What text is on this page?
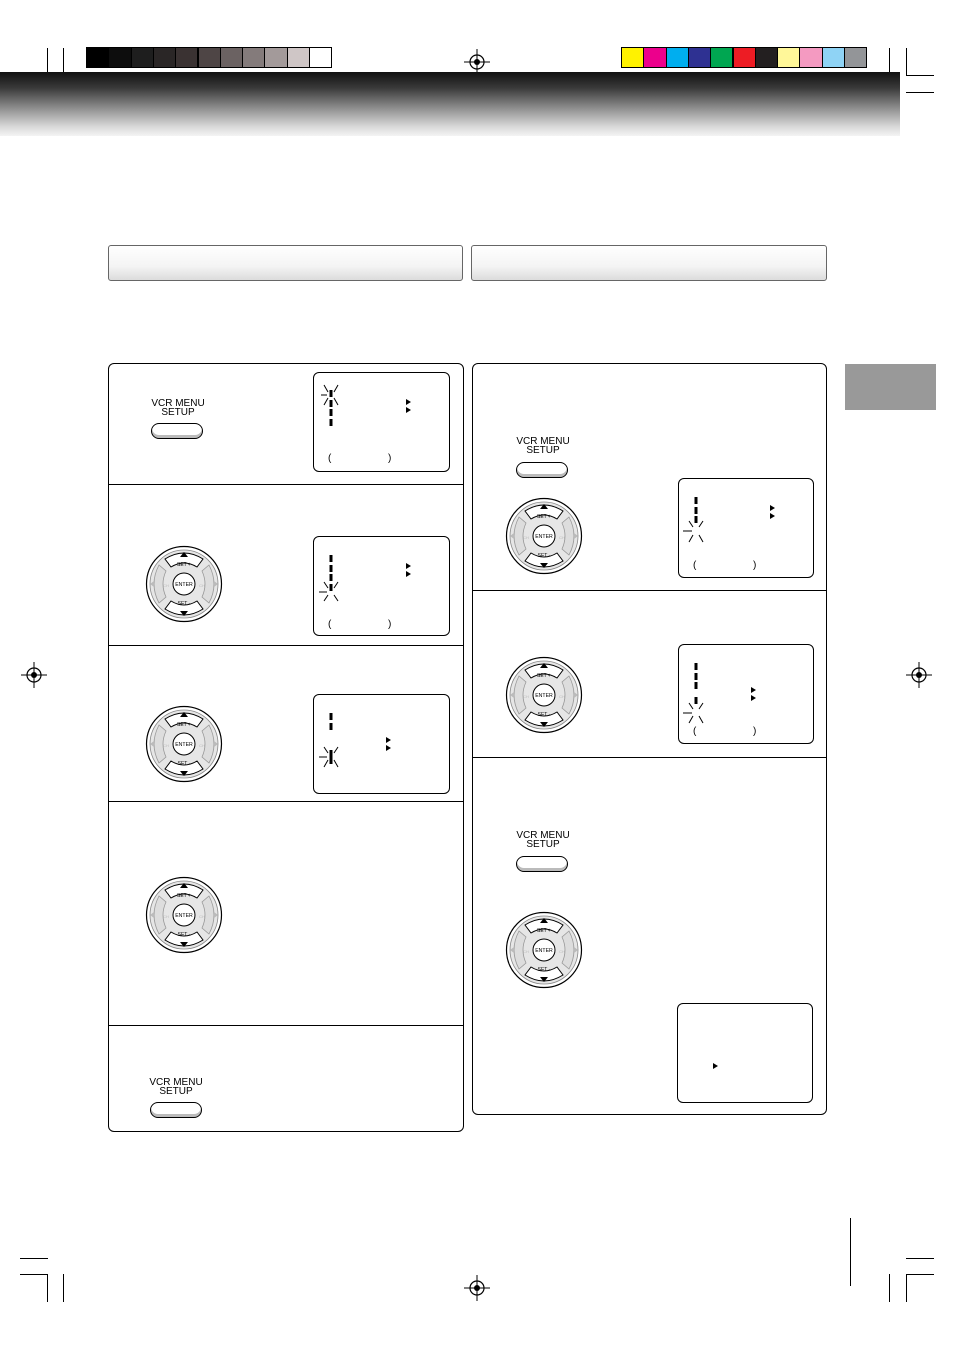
VCR MENU
SETUP
VCR MENU
SETUP
VCR MENU
SETUP
VCR MENU
SETUP
ENTER
SET +
SET -
CH	CH
ENTER
SET +
SET -
CH	CH
ENTER
SET +
SET -
CH	CH
ENTER
SET +
SET -
CH	CH
ENTER
SET +
SET -
CH	CH
ENTER
SET +
SET -
CH	CH
(	)
(	)
(	)
(	)
